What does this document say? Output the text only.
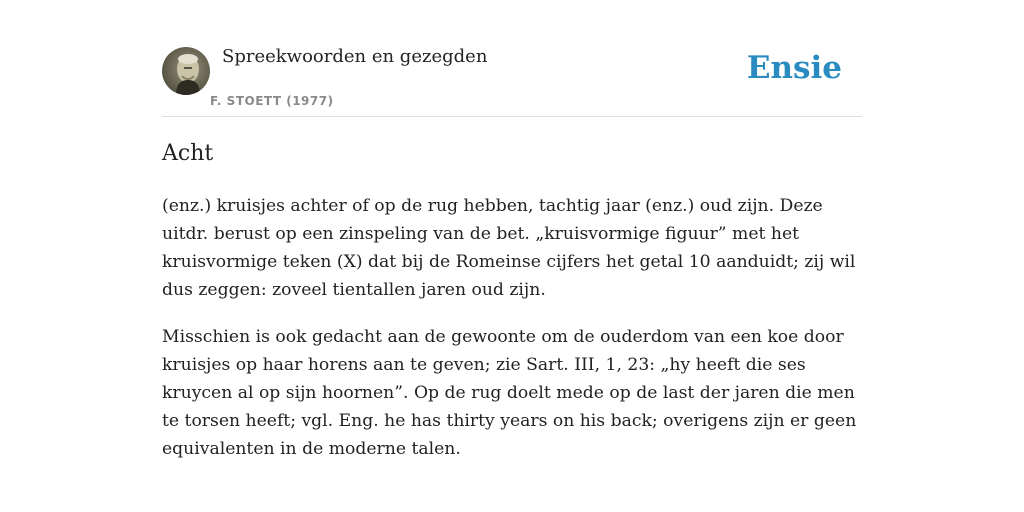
Spreekwoorden en gezegden
F. STOETT (1977)
Ensie
Acht

(enz.) kruisjes achter of op de rug hebben, tachtig jaar (enz.) oud zijn. Deze uitdr. berust op een zinspeling van de bet. „kruisvormige figuur” met het kruisvormige teken (X) dat bij de Romeinse cijfers het getal 10 aanduidt; zij wil dus zeggen: zoveel tientallen jaren oud zijn.

Misschien is ook gedacht aan de gewoonte om de ouderdom van een koe door kruisjes op haar horens aan te geven; zie Sart. III, 1, 23: „hy heeft die ses kruycen al op sijn hoornen”. Op de rug doelt mede op de last der jaren die men te torsen heeft; vgl. Eng. he has thirty years on his back; overigens zijn er geen equivalenten in de moderne talen.
